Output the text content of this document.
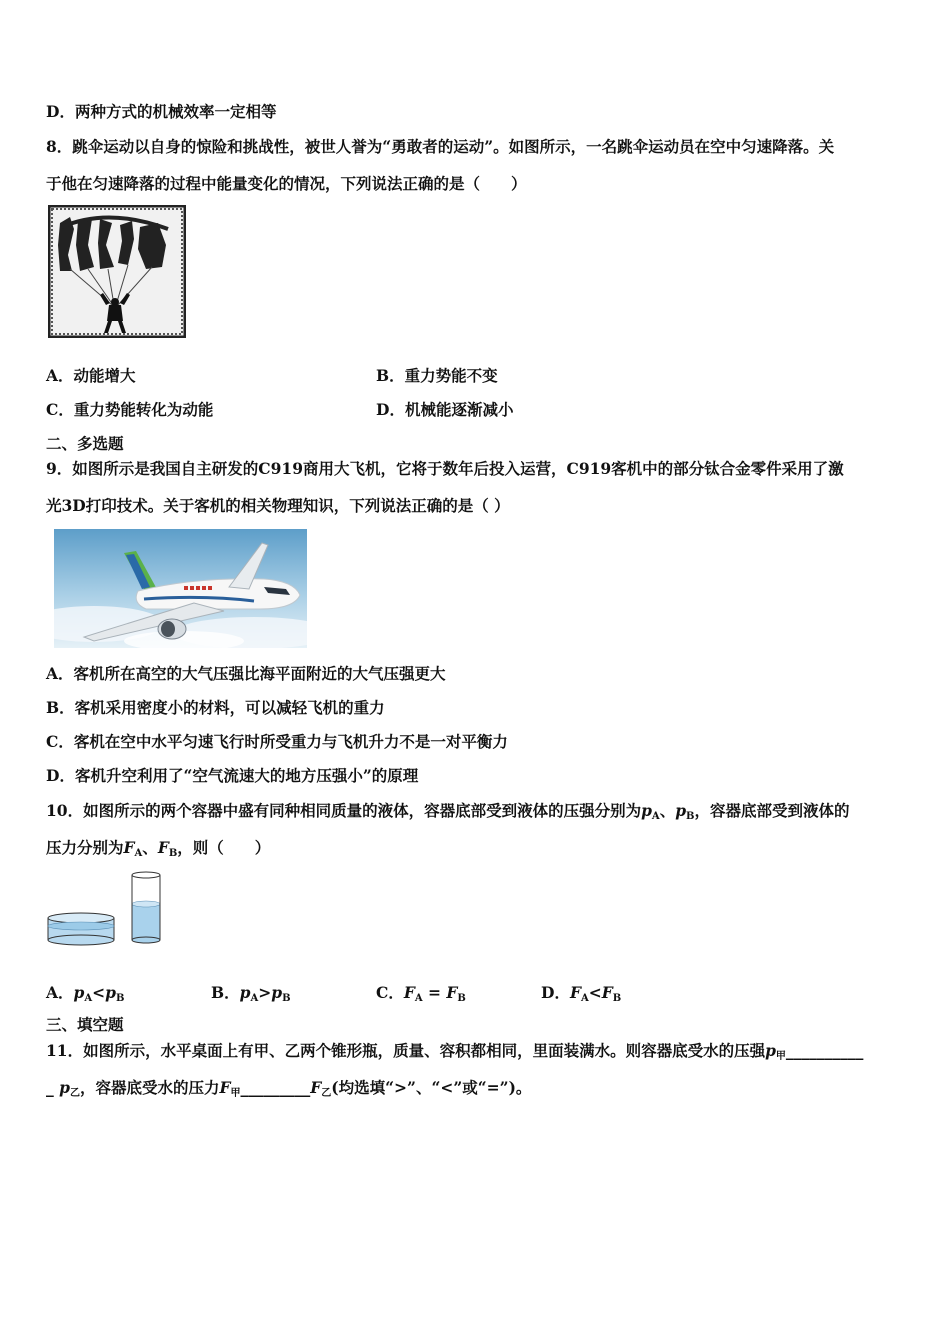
D．两种方式的机械效率一定相等
8．跳伞运动以自身的惊险和挑战性，被世人誉为“勇敢者的运动”。如图所示，一名跳伞运动员在空中匀速降落。关
于他在匀速降落的过程中能量变化的情况，下列说法正确的是（　　）
A．动能增大	B．重力势能不变
C．重力势能转化为动能	D．机械能逐渐减小
二、多选题
9．如图所示是我国自主研发的C919商用大飞机，它将于数年后投入运营，C919客机中的部分钛合金零件采用了激
光3D打印技术。关于客机的相关物理知识，下列说法正确的是（ ）
A．客机所在高空的大气压强比海平面附近的大气压强更大
B．客机采用密度小的材料，可以减轻飞机的重力
C．客机在空中水平匀速飞行时所受重力与飞机升力不是一对平衡力
D．客机升空利用了“空气流速大的地方压强小”的原理
10．如图所示的两个容器中盛有同种相同质量的液体，容器底部受到液体的压强分别为$p_A$、$p_B$，容器底部受到液体的
压力分别为$F_A$、$F_B$，则（　　）
A．$p_A<p_B$	B．$p_A>p_B$	C．$F_A = F_B$	D．$F_A<F_B$
三、填空题
11．如图所示，水平桌面上有甲、乙两个锥形瓶，质量、容积都相同，里面装满水。则容器底受水的压强$p_甲\_\_\_\_\_\_\_\_\_\_$
_ $p_乙$，容器底受水的压力$F_甲\_\_\_\_\_\_\_\_\_F_乙$(均选填“>”、“<”或“=”)。
